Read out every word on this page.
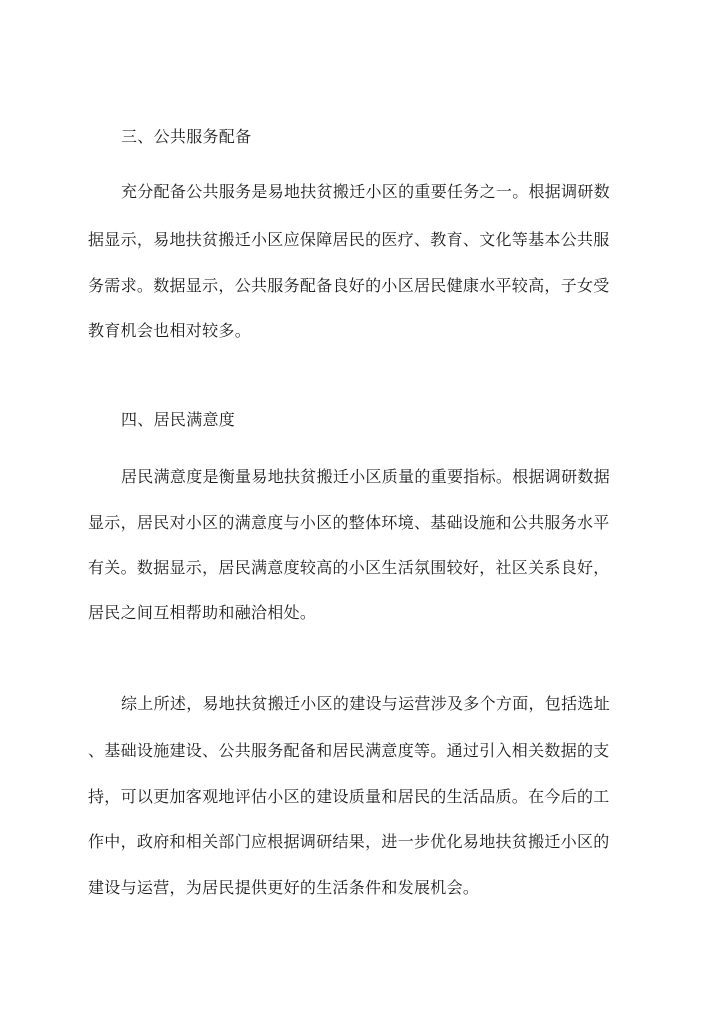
三、公共服务配备
充分配备公共服务是易地扶贫搬迁小区的重要任务之一。根据调研数
据显示，易地扶贫搬迁小区应保障居民的医疗、教育、文化等基本公共服
务需求。数据显示，公共服务配备良好的小区居民健康水平较高，子女受
教育机会也相对较多。
四、居民满意度
居民满意度是衡量易地扶贫搬迁小区质量的重要指标。根据调研数据
显示，居民对小区的满意度与小区的整体环境、基础设施和公共服务水平
有关。数据显示，居民满意度较高的小区生活氛围较好，社区关系良好，
居民之间互相帮助和融洽相处。
综上所述，易地扶贫搬迁小区的建设与运营涉及多个方面，包括选址
、基础设施建设、公共服务配备和居民满意度等。通过引入相关数据的支
持，可以更加客观地评估小区的建设质量和居民的生活品质。在今后的工
作中，政府和相关部门应根据调研结果，进一步优化易地扶贫搬迁小区的
建设与运营，为居民提供更好的生活条件和发展机会。
